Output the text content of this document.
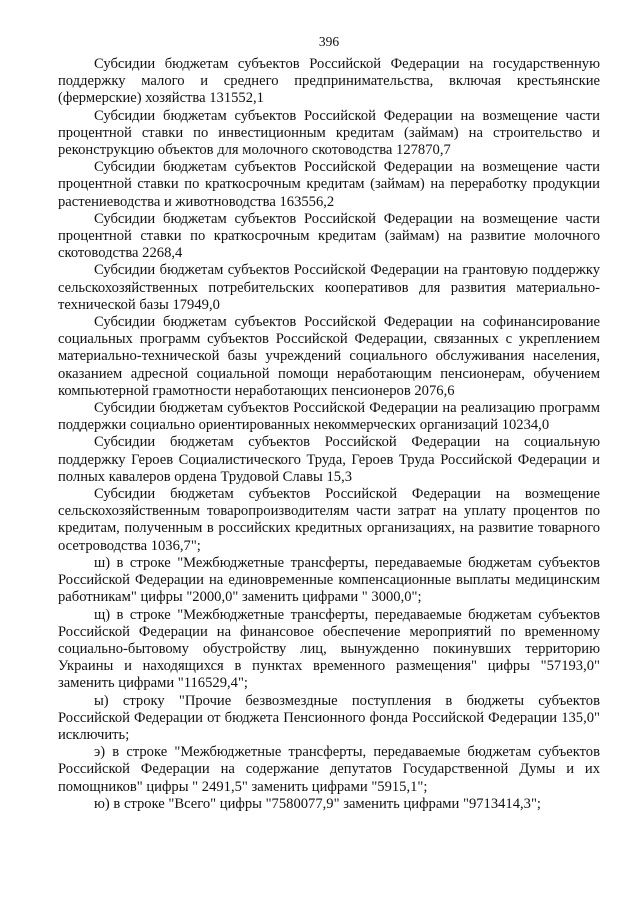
396

Субсидии бюджетам субъектов Российской Федерации на государственную поддержку малого и среднего предпринимательства, включая крестьянские (фермерские) хозяйства 131552,1

Субсидии бюджетам субъектов Российской Федерации на возмещение части процентной ставки по инвестиционным кредитам (займам) на строительство и реконструкцию объектов для молочного скотоводства 127870,7

Субсидии бюджетам субъектов Российской Федерации на возмещение части процентной ставки по краткосрочным кредитам (займам) на переработку продукции растениеводства и животноводства 163556,2

Субсидии бюджетам субъектов Российской Федерации на возмещение части процентной ставки по краткосрочным кредитам (займам) на развитие молочного скотоводства 2268,4

Субсидии бюджетам субъектов Российской Федерации на грантовую поддержку сельскохозяйственных потребительских кооперативов для развития материально-технической базы 17949,0

Субсидии бюджетам субъектов Российской Федерации на софинансирование социальных программ субъектов Российской Федерации, связанных с укреплением материально-технической базы учреждений социального обслуживания населения, оказанием адресной социальной помощи неработающим пенсионерам, обучением компьютерной грамотности неработающих пенсионеров 2076,6

Субсидии бюджетам субъектов Российской Федерации на реализацию программ поддержки социально ориентированных некоммерческих организаций 10234,0

Субсидии бюджетам субъектов Российской Федерации на социальную поддержку Героев Социалистического Труда, Героев Труда Российской Федерации и полных кавалеров ордена Трудовой Славы 15,3

Субсидии бюджетам субъектов Российской Федерации на возмещение сельскохозяйственным товаропроизводителям части затрат на уплату процентов по кредитам, полученным в российских кредитных организациях, на развитие товарного осетроводства 1036,7";

ш) в строке "Межбюджетные трансферты, передаваемые бюджетам субъектов Российской Федерации на единовременные компенсационные выплаты медицинским работникам" цифры "2000,0" заменить цифрами " 3000,0";

щ) в строке "Межбюджетные трансферты, передаваемые бюджетам субъектов Российской Федерации на финансовое обеспечение мероприятий по временному социально-бытовому обустройству лиц, вынужденно покинувших территорию Украины и находящихся в пунктах временного размещения" цифры "57193,0" заменить цифрами "116529,4";

ы) строку "Прочие безвозмездные поступления в бюджеты субъектов Российской Федерации от бюджета Пенсионного фонда Российской Федерации 135,0" исключить;

э) в строке "Межбюджетные трансферты, передаваемые бюджетам субъектов Российской Федерации на содержание депутатов Государственной Думы и их помощников" цифры " 2491,5" заменить цифрами "5915,1";

ю) в строке "Всего" цифры "7580077,9" заменить цифрами "9713414,3";
